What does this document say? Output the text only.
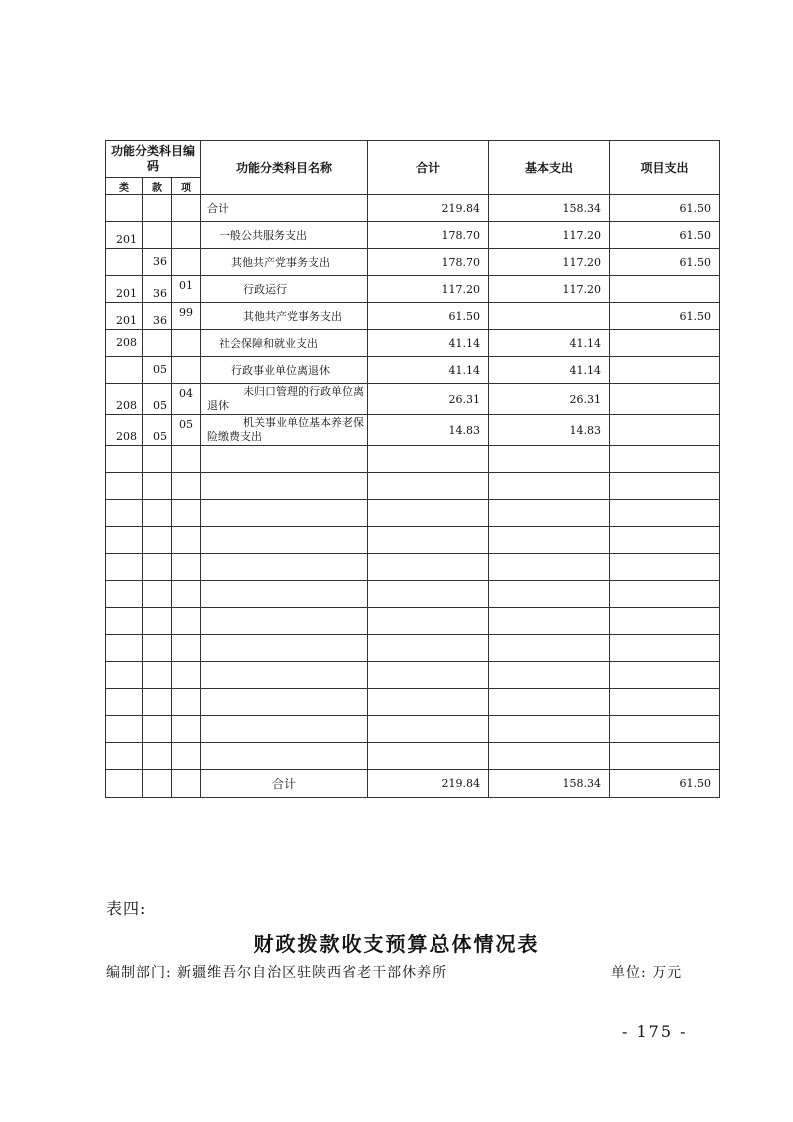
功能分类科目编码			功能分类科目名称	合计	基本支出	项目支出
类	款	项				
			合计	219.84	158.34	61.50
201			一般公共服务支出	178.70	117.20	61.50
	36		其他共产党事务支出	178.70	117.20	61.50
201	36	01	行政运行	117.20	117.20	
201	36	99	其他共产党事务支出	61.50		61.50
208			社会保障和就业支出	41.14	41.14	
	05		行政事业单位离退休	41.14	41.14	
208	05	04	未归口管理的行政单位离退休	26.31	26.31	
208	05	05	机关事业单位基本养老保险缴费支出	14.83	14.83	

			合计	219.84	158.34	61.50
表四:
财政拨款收支预算总体情况表
编制部门: 新疆维吾尔自治区驻陕西省老干部休养所	单位: 万元
- 175 -
